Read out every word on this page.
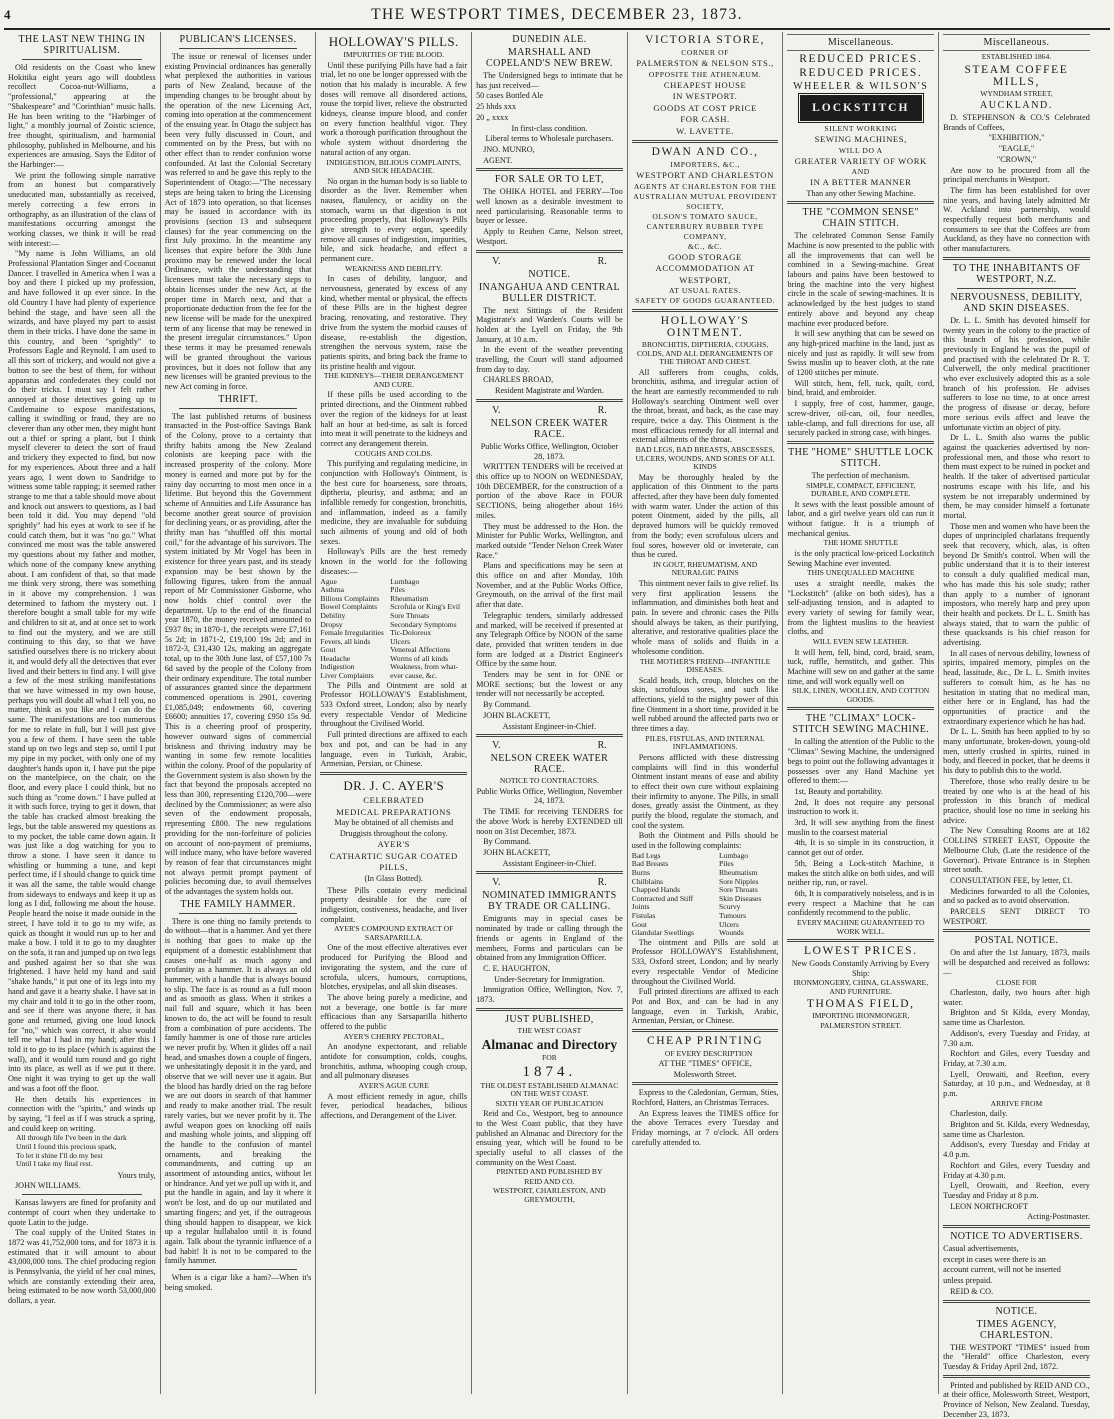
4	THE WESTPORT TIMES, DECEMBER 23, 1873.
THE LAST NEW THING IN SPIRITUALISM.

Old residents on the Coast who knew Hokitika eight years ago will doubtless recollect Cocoa-nut-Williams, a "professional," appearing at the "Shakespeare" and "Corinthian" music halls. He has been writing to the "Harbinger of light," a monthly journal of Zoistic science, free thought, spiritualism, and harmonial philosophy, published in Melbourne, and his experiences are amusing. Says the Editor of the Harbinger:—

We print the following simple narrative from an honest but comparatively uneducated man, substantially as received, merely correcting a few errors in orthography, as an illustration of the class of manifestations occurring amongst the working classes, we think it will be read with interest:—

"My name is John Williams, an old Professional Plantation Singer and Cocoanut Dancer. I travelled in America when I was a boy and there I picked up my profession, and have followed it up ever since. In the old Country I have had plenty of experience behind the stage, and have seen all the wizards, and have played my part to assist them in their tricks. I have done the same in this country, and been "sprightly" to Professors Eagle and Reynold. I am used to all this sort of trickery, and would not give a button to see the best of them, for without apparatus and confederates they could not do their tricks. I must say I felt rather annoyed at those detectives going up to Castlemaine to expose manifestations, calling it swindling or fraud, they are no cleverer than any other men, they might hunt out a thief or spring a plant, but I think myself cleverer to detect the sort of fraud and trickery they expected to find, but now for my experiences. About three and a half years ago, I went down to Sandridge to witness some table rapping; it seemed rather strange to me that a table should move about and knock out answers to questions, as I had been told it did. You may depend "old sprightly" had his eyes at work to see if he could catch them, but it was "no go." What convinced me most was the table answered my questions about my father and mother, which none of the company knew anything about. I am confident of that, so that made me think very strong, there was something in it above my comprehension. I was determined to fathom the mystery out. I therefore bought a small table for my wife and children to sit at, and at once set to work to find out the mystery, and we are still continuing to this day, so that we have satisfied ourselves there is no trickery about it, and would defy all the detectives that ever lived and their betters to find any. I will give a few of the most striking manifestations that we have witnessed in my own house, perhaps you will doubt all what I tell you, no matter, think as you like and I can do the same. The manifestations are too numerous for me to relate in full, but I will just give you a few of them. I have seen the table stand up on two legs and step so, until I put my pipe in my pocket, with only one of my daughter's hands upon it, I have put the pipe on the mantelpiece, on the chair, on the floor, and every place I could think, but no such thing as "come down." I have pulled at it with such force, trying to get it down, that the table has cracked almost breaking the legs, but the table answered my questions as to my pocket, the table came down again. It was just like a dog watching for you to throw a stone. I have seen it dance to whistling or humming a tune, and kept perfect time, if I should change to quick time it was all the same, the table would change from sideways to endways and keep it up as long as I did, following me about the house. People heard the noise it made outside in the street, I have told it to go to my wife, as quick as thought it would run up to her and make a bow. I told it to go to my daughter on the sofa, it ran and jumped up on two legs and pushed against her so that she was frightened. I have held my hand and said "shake hands," it put one of its legs into my hand and gave it a hearty shake. I have sat in my chair and told it to go in the other room, and see if there was anyone there, it has gone and returned, giving one loud knock for "no," which was correct, it also would tell me what I had in my hand; after this I told it to go to its place (which is against the wall), and it would turn round and go right into its place, as well as if we put it there. One night it was trying to get up the wall and was a foot off the floor.

He then details his experiences in connection with the "spirits," and winds up by saying, "I feel as if I was struck a spring, and could keep on writing.

All through life I've been in the dark
Until I found this precious spark,
To let it shine I'll do my best
Until I take my final rest.

Yours truly,

JOHN WILLIAMS.

Kansas lawyers are fined for profanity and contempt of court when they undertake to quote Latin to the judge.

The coal supply of the United States in 1872 was 41,752,000 tons, and for 1873 it is estimated that it will amount to about 43,000,000 tons. The chief producing region is Pennsylvania, the yield of her coal mines, which are constantly extending their area, being estimated to be now worth 53,000,000 dollars, a year.

PUBLICAN'S LICENSES.

The issue or renewal of licenses under existing Provincial ordinances has generally what perplexed the authorities in various parts of New Zealand, because of the impending changes to be brought about by the operation of the new Licensing Act, coming into operation at the commencement of the ensuing year. In Otago the subject has been very fully discussed in Court, and commented on by the Press, but with no other effect than to render confusion worse confounded. At last the Colonial Secretary was referred to and he gave this reply to the Superintendent of Otago:—"The necessary steps are being taken to bring the Licensing Act of 1873 into operation, so that licenses may be issued in accordance with its provisions (section 13 and subsequent clauses) for the year commencing on the first July proximo. In the meantime any licenses that expire before the 30th June proximo may be renewed under the local Ordinance, with the understanding that licensees must take the necessary steps to obtain licenses under the new Act, at the proper time in March next, and that a proportionate deduction from the fee for the new license will be made for the unexpired term of any license that may be renewed in the present irregular circumstances." Upon these terms it may be presumed renewals will be granted throughout the various provinces, but it does not follow that any new licenses will be granted previous to the new Act coming in force.

THRIFT.

The last published returns of business transacted in the Post-office Savings Bank of the Colony, prove to a certainty that thrifty habits among the New Zealand colonists are keeping pace with the increased prosperity of the colony. More money is earned and more put by for the rainy day occurring to most men once in a lifetime. But beyond this the Government scheme of Annuities and Life Assurance has become another great source of provision for declining years, or as providing, after the thrifty man has "shuffled off this mortal coil," for the advantage of his survivors. The system initiated by Mr Vogel has been in existence for three years past, and its steady expansion may be best shown by the following figures, taken from the annual report of Mr Commissioner Gisborne, who now holds chief control over the department. Up to the end of the financial year 1870, the money received amounted to £937 8s; in 1870-1, the receipts were £7,161 5s 2d; in 1871-2, £19,100 19s 2d; and in 1872-3, £31,430 12s, making an aggregate total, up to the 30th June last, of £57,100 7s 6d saved by the people of the Colony from their ordinary expenditure. The total number of assurances granted since the department commenced operations is 2901, covering £1,085,049; endowments 60, covering £6600; annuities 17, covering £950 15s 9d. This is a cheering proof of prosperity, however outward signs of commercial briskness and thriving industry may be wanting in some few remote localities within the colony. Proof of the popularity of the Government system is also shown by the fact that beyond the proposals accepted no less than 300, representing £120,700—were declined by the Commissioner; as were also seven of the endowment proposals, representing £800. The new regulations providing for the non-forfeiture of policies on account of non-payment of premiums, will induce many, who have before wavered by reason of fear that circumstances might not always permit prompt payment of policies becoming due, to avail themselves of the advantages the system holds out.

THE FAMILY HAMMER.

There is one thing no family pretends to do without—that is a hammer. And yet there is nothing that goes to make up the equipment of a domestic establishment that causes one-half as much agony and profanity as a hammer. It is always an old hammer, with a handle that is always bound to slip. The face is as round as a full moon and as smooth as glass. When it strikes a nail full and square, which it has been known to do, the act will be found to result from a combination of pure accidents. The family hammer is one of those rare articles we never profit by. When it glides off a nail head, and smashes down a couple of fingers, we unhesitatingly deposit it in the yard, and observe that we will never use it again. But the blood has hardly dried on the rag before we are out doors in search of that hammer and ready to make another trial. The result rarely varies, but we never profit by it. The awful weapon goes on knocking off nails and mashing whole joints, and slipping off the handle to the confusion of mantel ornaments, and breaking the commandments, and cutting up an assortment of astounding antics, without let or hindrance. And yet we pull up with it, and put the handle in again, and lay it where it won't be lost, and do up our mutilated and smarting fingers; and yet, if the outrageous thing should happen to disappear, we kick up a regular hullabaloo until it is found again. Talk about the tyrannic influence of a bad habit! It is not to be compared to the family hammer.

When is a cigar like a ham?—When it's being smoked.

HOLLOWAY'S PILLS.
IMPURITIES OF THE BLOOD.

Until these purifying Pills have had a fair trial, let no one be longer oppressed with the notion that his malady is incurable. A few doses will remove all disordered actions, rouse the torpid liver, relieve the obstructed kidneys, cleanse impure blood, and confer on every function healthful vigor. They work a thorough purification throughout the whole system without disordering the natural action of any organ.

INDIGESTION, BILIOUS COMPLAINTS, AND SICK HEADACHE.

No organ in the human body is so liable to disorder as the liver. Remember when nausea, flatulency, or acidity on the stomach, warns us that digestion is not proceeding properly, that Holloway's Pills give strength to every organ, speedily remove all causes of indigestion, impurities, bile, and sick headache, and effect a permanent cure.

WEAKNESS AND DEBILITY.

In cases of debility, languor, and nervousness, generated by excess of any kind, whether mental or physical, the effects of these Pills are in the highest degree bracing, renovating, and restorative. They drive from the system the morbid causes of disease, re-establish the digestion, strengthen the nervous system, raise the patients spirits, and bring back the frame to its pristine health and vigour.

THE KIDNEYS—THEIR DERANGEMENT AND CURE.

If these pills be used according to the printed directions, and the Ointment rubbed over the region of the kidneys for at least half an hour at bed-time, as salt is forced into meat it will penetrate to the kidneys and correct any derangement therein.

COUGHS AND COLDS.

This purifying and regulating medicine, in conjunction with Holloway's Ointment, is the best cure for hoarseness, sore throats, diptheria, pleurisy, and asthma; and an infallible remedy for congestion, bronchitis, and inflammation, indeed as a family medicine, they are invaluable for subduing such ailments of young and old of both sexes.

Holloway's Pills are the best remedy known in the world for the following diseases:—

Ague	Lumbago
Asthma	Piles
Bilious Complaints	Rheumatism
Bowel Complaints	Scrofula or King's Evil
Debility	Sore Throats
Dropsy	Secondary Symptoms
Female Irregularities	Tic-Doloreux
Fevers, all kinds	Ulcers
Gout	Venereal Affections
Headache	Worms of all kinds
Indigestion	Weakness, from what-
Liver Complaints	ever cause, &c.

The Pills and Ointment are sold at Professor HOLLOWAY'S Establishment, 533 Oxford street, London; also by nearly every respectable Vendor of Medicine throughout the Civilised World.

Full printed directions are affixed to each box and pot, and can be had in any language, even in Turkish, Arabic, Armenian, Persian, or Chinese.

DR. J. C. AYER'S

CELEBRATED

MEDICAL PREPARATIONS

May be obtained of all chemists and

Druggists throughout the colony.

AYER'S

CATHARTIC SUGAR COATED

PILLS,

(In Glass Botted).

These Pills contain every medicinal property desirable for the cure of indigestion, costiveness, headache, and liver complaint.

AYER'S COMPOUND EXTRACT OF SARSAPARILLA.

One of the most effective alteratives ever produced for Purifying the Blood and invigorating the system, and the cure of scrofula, ulcers, humours, corruptions, blotches, erysipelas, and all skin diseases.

The above being purely a medicine, and not a beverage, one bottle is far more efficacious than any Sarsaparilla hitherto offered to the public

AYER'S CHERRY PECTORAL,

An anodyne expectorant, and reliable antidote for consumption, colds, coughs, bronchitis, asthma, whooping cough croup, and all pulmonary diseases

AYER'S AGUE CURE

A most efficient remedy in ague, chills fever, periodical headaches, bilious affections, and Derangement of the Liver.

DUNEDIN ALE.
MARSHALL AND COPELAND'S NEW BREW.

The Undersigned begs to intimate that he has just received—

50 cases Bottled Ale

25 hhds xxx

20 „ xxxx

In first-class condition.

Liberal terms to Wholesale purchasers.

JNO. MUNRO,

AGENT.

FOR SALE OR TO LET,

The OHIKA HOTEL and FERRY—Too well known as a desirable investment to need particularising. Reasonable terms to buyer or lessee.

Apply to Reuben Carne, Nelson street, Westport.

V.	R.
NOTICE.
INANGAHUA AND CENTRAL BULLER DISTRICT.

The next Sittings of the Resident Magistrate's and Warden's Courts will be holden at the Lyell on Friday, the 9th January, at 10 a.m.

In the event of the weather preventing travelling, the Court will stand adjourned from day to day.

CHARLES BROAD,

Resident Magistrate and Warden.

V.	R.
NELSON CREEK WATER RACE.

Public Works Office, Wellington, October 28, 1873.

WRITTEN TENDERS will be received at this office up to NOON on WEDNESDAY, 10th DECEMBER, for the construction of a portion of the above Race in FOUR SECTIONS, being altogether about 16½ miles.

They must be addressed to the Hon. the Minister for Public Works, Wellington, and marked outside "Tender Nelson Creek Water Race."

Plans and specifications may be seen at this office on and after Monday, 10th November, and at the Public Works Office, Greymouth, on the arrival of the first mail after that date.

Telegraphic tenders, similarly addressed and marked, will be received if presented at any Telegraph Office by NOON of the same date, provided that written tenders in due form are lodged at a District Engineer's Office by the same hour.

Tenders may be sent in for ONE or MORE sections; but the lowest or any tender will not necessarily be accepted.

By Command.

JOHN BLACKETT,

Assistant Engineer-in-Chief.

V.	R.
NELSON CREEK WATER RACE.
NOTICE TO CONTRACTORS.

Public Works Office, Wellington, November 24, 1873.

The TIME for receiving TENDERS for the above Work is hereby EXTENDED till noon on 31st December, 1873.

By Command.

JOHN BLACKETT,

Assistant Engineer-in-Chief.

V.	R.
NOMINATED IMMIGRANTS BY TRADE OR CALLING.

Emigrants may in special cases be nominated by trade or calling through the friends or agents in England of the members, Forms and particulars can be obtained from any Immigration Officer.

C. E. HAUGHTON,

Under-Secretary for Immigration.

Immigration Office, Wellington, Nov. 7, 1873.

JUST PUBLISHED,
THE WEST COAST
Almanac and Directory
FOR
1874.
THE OLDEST ESTABLISHED ALMANAC ON THE WEST COAST.
SIXTH YEAR OF PUBLICATION

Reid and Co., Westport, beg to announce to the West Coast public, that they have published an Almanac and Directory for the ensuing year, which will be found to be specially useful to all classes of the community on the West Coast.

PRINTED AND PUBLISHED BY
REID AND CO.
WESTPORT, CHARLESTON, AND GREYMOUTH,
VICTORIA STORE,

CORNER OF

PALMERSTON & NELSON STS.,

OPPOSITE THE ATHENÆUM.

CHEAPEST HOUSE

IN WESTPORT.

GOODS AT COST PRICE

FOR CASH.

W. LAVETTE.

DWAN AND CO.,

IMPORTERS, &C.,

WESTPORT AND CHARLESTON

AGENTS AT CHARLESTON FOR THE

AUSTRALIAN MUTUAL PROVIDENT SOCIETY,

OLSON'S TOMATO SAUCE,

CANTERBURY RUBBER TYPE COMPANY,

&C., &C.

GOOD STORAGE ACCOMMODATION AT WESTPORT,

AT USUAL RATES.

SAFETY OF GOODS GUARANTEED.

HOLLOWAY'S OINTMENT.
BRONCHITIS, DIPTHERIA, COUGHS, COLDS, AND ALL DERANGEMENTS OF THE THROAT AND CHEST.

All sufferers from coughs, colds, bronchitis, asthma, and irregular action of the heart are earnestly recommended to rub Holloway's searching Ointment well over the throat, breast, and back, as the case may require, twice a day. This Ointment is the most efficacious remedy for all internal and external ailments of the throat.

BAD LEGS, BAD BREASTS, ABSCESSES, ULCERS, WOUNDS, AND SORES OF ALL KINDS

May be thoroughly healed by the application of this Ointment to the parts affected, after they have been duly fomented with warm water. Under the action of this potent Ointment, aided by the pills, all depraved humors will be quickly removed from the body; even scrofulous ulcers and foul sores, however old or inveterate, can thus be cured.

IN GOUT, RHEUMATISM, AND NEURALGIC PAINS

This ointment never fails to give relief. Its very first application lessens the inflammation, and diminishes both heat and pain. In severe and chronic cases the Pills should always be taken, as their purifying, alterative, and restorative qualities place the whole mass of solids and fluids in a wholesome condition.

THE MOTHER'S FRIEND—INFANTILE DISEASES.

Scald heads, itch, croup, blotches on the skin, scrofulous sores, and such like affections, yield to the mighty power of this fine Ointment in a short time, provided it be well rubbed around the affected parts two or three times a day.

PILES, FISTULAS, AND INTERNAL INFLAMMATIONS.

Persons afflicted with these distressing complaints will find in this wonderful Ointment instant means of ease and ability to effect their own cure without explaining their infirmity to anyone. The Pills, in small doses, greatly assist the Ointment, as they purify the blood, regulate the stomach, and cool the system.

Both the Ointment and Pills should be used in the following complaints:

Bad Legs	Lumbago
Bad Breasts	Piles
Burns	Rheumatism
Chilblains	Sore Nipples
Chapped Hands	Sore Throats
Contracted and Stiff	Skin Diseases
Joints	Scurvy
Fistulas	Tumours
Gout	Ulcers
Glandular Swellings	Wounds

The ointment and Pills are sold at Professor HOLLOWAY'S Establishment, 533, Oxford street, London; and by nearly every respectable Vendor of Medicine throughout the Civilised World.

Full printed directions are affixed to each Pot and Box, and can be had in any language, even in Turkish, Arabic, Armenian, Persian, or Chinese.

CHEAP PRINTING

OF EVERY DESCRIPTION

AT THE "TIMES" OFFICE,

Molesworth Street.

Express to the Caledonian, German, Sties, Rochford, Hatters, an Christmas Terraces.

An Express leaves the TIMES office for the above Terraces every Tuesday and Friday mornings, at 7 o'clock. All orders carefully attended to.

Miscellaneous.
REDUCED PRICES.
REDUCED PRICES.
WHEELER & WILSON'S
LOCKSTITCH

SILENT WORKING

SEWING MACHINES,

WILL DO A

GREATER VARIETY OF WORK

AND

IN A BETTER MANNER

Than any other Sewing Machine.

THE "COMMON SENSE" CHAIN STITCH.

The celebrated Common Sense Family Machine is now presented to the public with all the improvements that can well be combined in a Sewing-machine. Great labours and pains have been bestowed to bring the machine into the very highest circle in the scale of sewing-machines. It is acknowledged by the best judges to stand entirely above and beyond any cheap machine ever produced before.

It will sew anything that can be sewed on any high-priced machine in the land, just as nicely and just as rapidly. It will sew from Swiss muslin up to beaver cloth, at the rate of 1200 stitches per minute.

Will stitch, hem, fell, tuck, quilt, cord, bind, braid, and embroider.

I supply, free of cost, hammer, gauge, screw-driver, oil-can, oil, four needles, table-clamp, and full directions for use, all securely packed in strong case, with hinges.

THE "HOME" SHUTTLE LOCK STITCH.

The perfection of mechanism.

SIMPLE, COMPACT, EFFICIENT, DURABLE, AND COMPLETE.

It sews with the least possible amount of labor, and a girl twelve years old can run it without fatigue. It is a triumph of mechanical genius.

THE HOME SHUTTLE

is the only practical low-priced Lockstitch Sewing Machine ever invented.

THIS UNEQUALLED MACHINE

uses a straight needle, makes the "Lockstitch" (alike on both sides), has a self-adjusting tension, and is adapted to every variety of sewing for family wear, from the lightest muslins to the heaviest cloths, and

WILL EVEN SEW LEATHER.

It will hem, fell, bind, cord, braid, seam, tuck, ruffle, hemstitch, and gather. This Machine will sew on and gather at the same time, and will work equally well on

SILK, LINEN, WOOLLEN, AND COTTON GOODS.
THE "CLIMAX" LOCK-STITCH SEWING MACHINE.

In calling the attention of the Public to the "Climax" Sewing Machine, the undersigned begs to point out the following advantages it possesses over any Hand Machine yet offered to them:—

1st, Beauty and portability.

2nd, It does not require any personal instruction to work it.

3rd, It will sew anything from the finest muslin to the coarsest material

4th, It is so simple in its construction, it cannot get out of order.

5th, Being a Lock-stitch Machine, it makes the stitch alike on both sides, and will neither rip, run, or ravel.

6th, It is comparatively noiseless, and is in every respect a Machine that he can confidently recommend to the public.

EVERY MACHINE GUARANTEED TO WORK WELL.
LOWEST PRICES.

New Goods Constantly Arriving by Every Ship:

IRONMONGERY, CHINA, GLASSWARE, AND FURNITURE.
THOMAS FIELD,
IMPORTING IRONMONGER,
PALMERSTON STREET.
Miscellaneous.
ESTABLISHED 1864.
STEAM COFFEE MILLS,
WYNDHAM STREET,
AUCKLAND.

D. STEPHENSON & CO.'S Celebrated Brands of Coffees,

"EXHIBITION,"

"EAGLE,"

"CROWN,"

Are now to be procured from all the principal merchants in Westport.

The firm has been established for over nine years, and having lately admitted Mr W. Ackland into partnership, would respectfully request both merchants and consumers to see that the Coffees are from Auckland, as they have no connection with other manufacturers.

TO THE INHABITANTS OF WESTPORT, N.Z.
NERVOUSNESS, DEBILITY, AND SKIN DISEASES.

Dr. L. L. Smith has devoted himself for twenty years in the colony to the practice of this branch of his profession, while previously in England he was the pupil of and practised with the celebrated Dr R. T. Culverwell, the only medical practitioner who ever exclusively adopted this as a sole branch of his profession. He advises sufferers to lose no time, to at once arrest the progress of disease or decay, before more serious evils affect and leave the unfortunate victim an object of pity.

Dr L. L. Smith also warns the public against the quackeries advertised by non-professional men, and those who resort to them must expect to be ruined in pocket and health. If the taker of advertised particular nostrums escape with his life, and his system be not irreparably undermined by them, he may consider himself a fortunate mortal.

Those men and women who have been the dupes of unprincipled charlatans frequently seek that recovery, which, alas, is often beyond Dr Smith's control. When will the public understand that it is to their interest to consult a duly qualified medical man, who has made this his sole study; rather than apply to a number of ignorant impostors, who merely harp and prey upon their health and pockets. Dr L. L. Smith has always stated, that to warn the public of these quacksands is his chief reason for advertising.

In all cases of nervous debility, lowness of spirits, impaired memory, pimples on the head, lassitude, &c., Dr L. L. Smith invites sufferers to consult him, as he has no hesitation in stating that no medical man, either here or in England, has had the opportunities of practice and the extraordinary experience which he has had.

Dr L. L. Smith has been applied to by so many unfortunate, broken-down, young-old men, utterly crushed in spirits, ruined in body, and fleeced in pocket, that he deems it his duty to publish this to the world.

Therefore, those who really desire to be treated by one who is at the head of his profession in this branch of medical practice, should lose no time in seeking his advice.

The New Consulting Rooms are at 182 COLLINS STREET EAST, Opposite the Melbourne Club, (Late the residence of the Governor). Private Entrance is in Stephen street south.

CONSULTATION FEE, by letter, £1.

Medicines forwarded to all the Colonies, and so packed as to avoid observation.

PARCELS SENT DIRECT TO WESTPORT.

POSTAL NOTICE.

On and after the 1st January, 1873, mails will be despatched and received as follows:—

CLOSE FOR

Charleston, daily, two hours after high water.

Brighton and St Kilda, every Monday, same time as Charleston.

Addison's, every Tuesday and Friday, at 7.30 a.m.

Rochfort and Giles, every Tuesday and Friday, at 7.30 a.m.

Lyell, Orowaiti, and Reefton, every Saturday, at 10 p.m., and Wednesday, at 8 p.m.

ARRIVE FROM

Charleston, daily.

Brighton and St. Kilda, every Wednesday, same time as Charleston.

Addison's, every Tuesday and Friday at 4.0 p.m.

Rochfort and Giles, every Tuesday and Friday at 4.30 p.m.

Lyell, Orowaiti, and Reefton, every Tuesday and Friday at 8 p.m.

LEON NORTHCROFT

Acting-Postmaster.

NOTICE TO ADVERTISERS.

Casual advertisements,

except in cases were there is an

account current, will not be inserted

unless prepaid.

REID & CO.

NOTICE.
TIMES AGENCY, CHARLESTON.

THE WESTPORT "TIMES" issued from the "Herald" office Charleston, every Tuesday & Friday April 2nd, 1872.

Printed and published by REID AND CO., at their office, Molesworth Street, Westport, Province of Nelson, New Zealand. Tuesday, December 23, 1873.
